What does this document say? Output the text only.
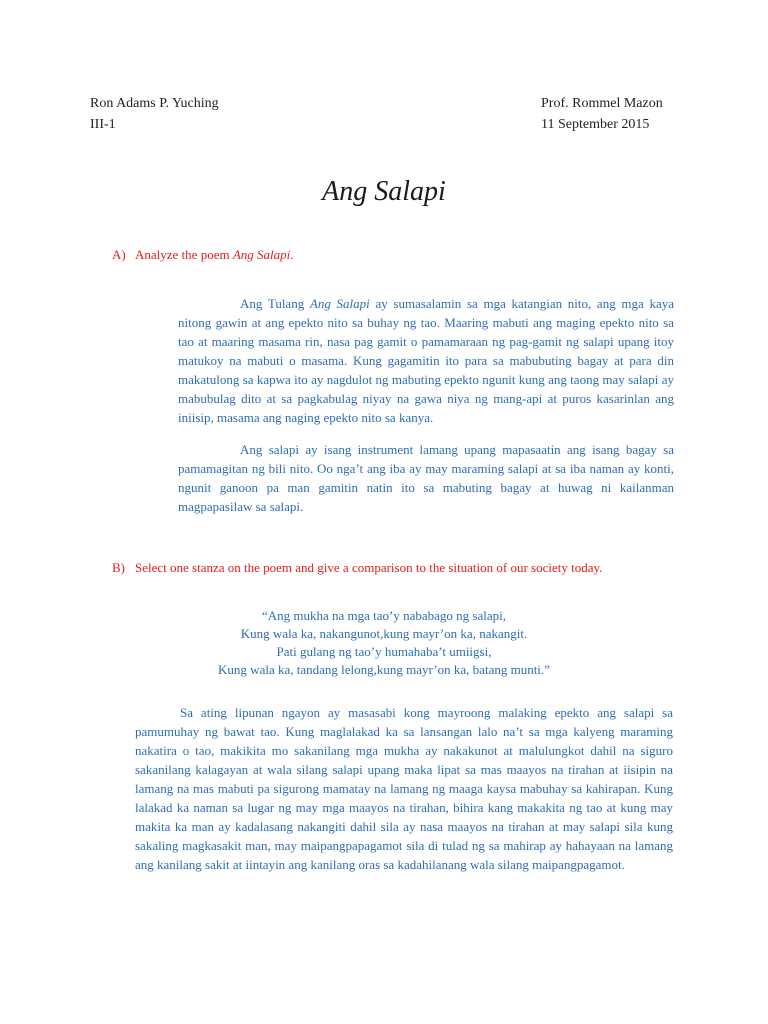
Ron Adams P. Yuching
III-1
Prof. Rommel Mazon
11 September 2015
Ang Salapi
A) Analyze the poem Ang Salapi.

Ang Tulang Ang Salapi ay sumasalamin sa mga katangian nito, ang mga kaya nitong gawin at ang epekto nito sa buhay ng tao. Maaring mabuti ang maging epekto nito sa tao at maaring masama rin, nasa pag gamit o pamamaraan ng pag-gamit ng salapi upang itoy matukoy na mabuti o masama. Kung gagamitin ito para sa mabubuting bagay at para din makatulong sa kapwa ito ay nagdulot ng mabuting epekto ngunit kung ang taong may salapi ay mabubulag dito at sa pagkabulag niyay na gawa niya ng mang-api at puros kasarinlan ang iniisip, masama ang naging epekto nito sa kanya.

Ang salapi ay isang instrument lamang upang mapasaatin ang isang bagay sa pamamagitan ng bili nito. Oo nga’t ang iba ay may maraming salapi at sa iba naman ay konti, ngunit ganoon pa man gamitin natin ito sa mabuting bagay at huwag ni kailanman magpapasilaw sa salapi.

B) Select one stanza on the poem and give a comparison to the situation of our society today.
“Ang mukha na mga tao’y nababago ng salapi,
Kung wala ka, nakangunot,kung mayr’on ka, nakangit.
Pati gulang ng tao’y humahaba’t umiigsi,
Kung wala ka, tandang lelong,kung mayr’on ka, batang munti.”

Sa ating lipunan ngayon ay masasabi kong mayroong malaking epekto ang salapi sa pamumuhay ng bawat tao. Kung maglalakad ka sa lansangan lalo na’t sa mga kalyeng maraming nakatira o tao, makikita mo sakanilang mga mukha ay nakakunot at malulungkot dahil na siguro sakanilang kalagayan at wala silang salapi upang maka lipat sa mas maayos na tirahan at iisipin na lamang na mas mabuti pa sigurong mamatay na lamang ng maaga kaysa mabuhay sa kahirapan. Kung lalakad ka naman sa lugar ng may mga maayos na tirahan, bihira kang makakita ng tao at kung may makita ka man ay kadalasang nakangiti dahil sila ay nasa maayos na tirahan at may salapi sila kung sakaling magkasakit man, may maipangpapagamot sila di tulad ng sa mahirap ay hahayaan na lamang ang kanilang sakit at iintayin ang kanilang oras sa kadahilanang wala silang maipangpagamot.
